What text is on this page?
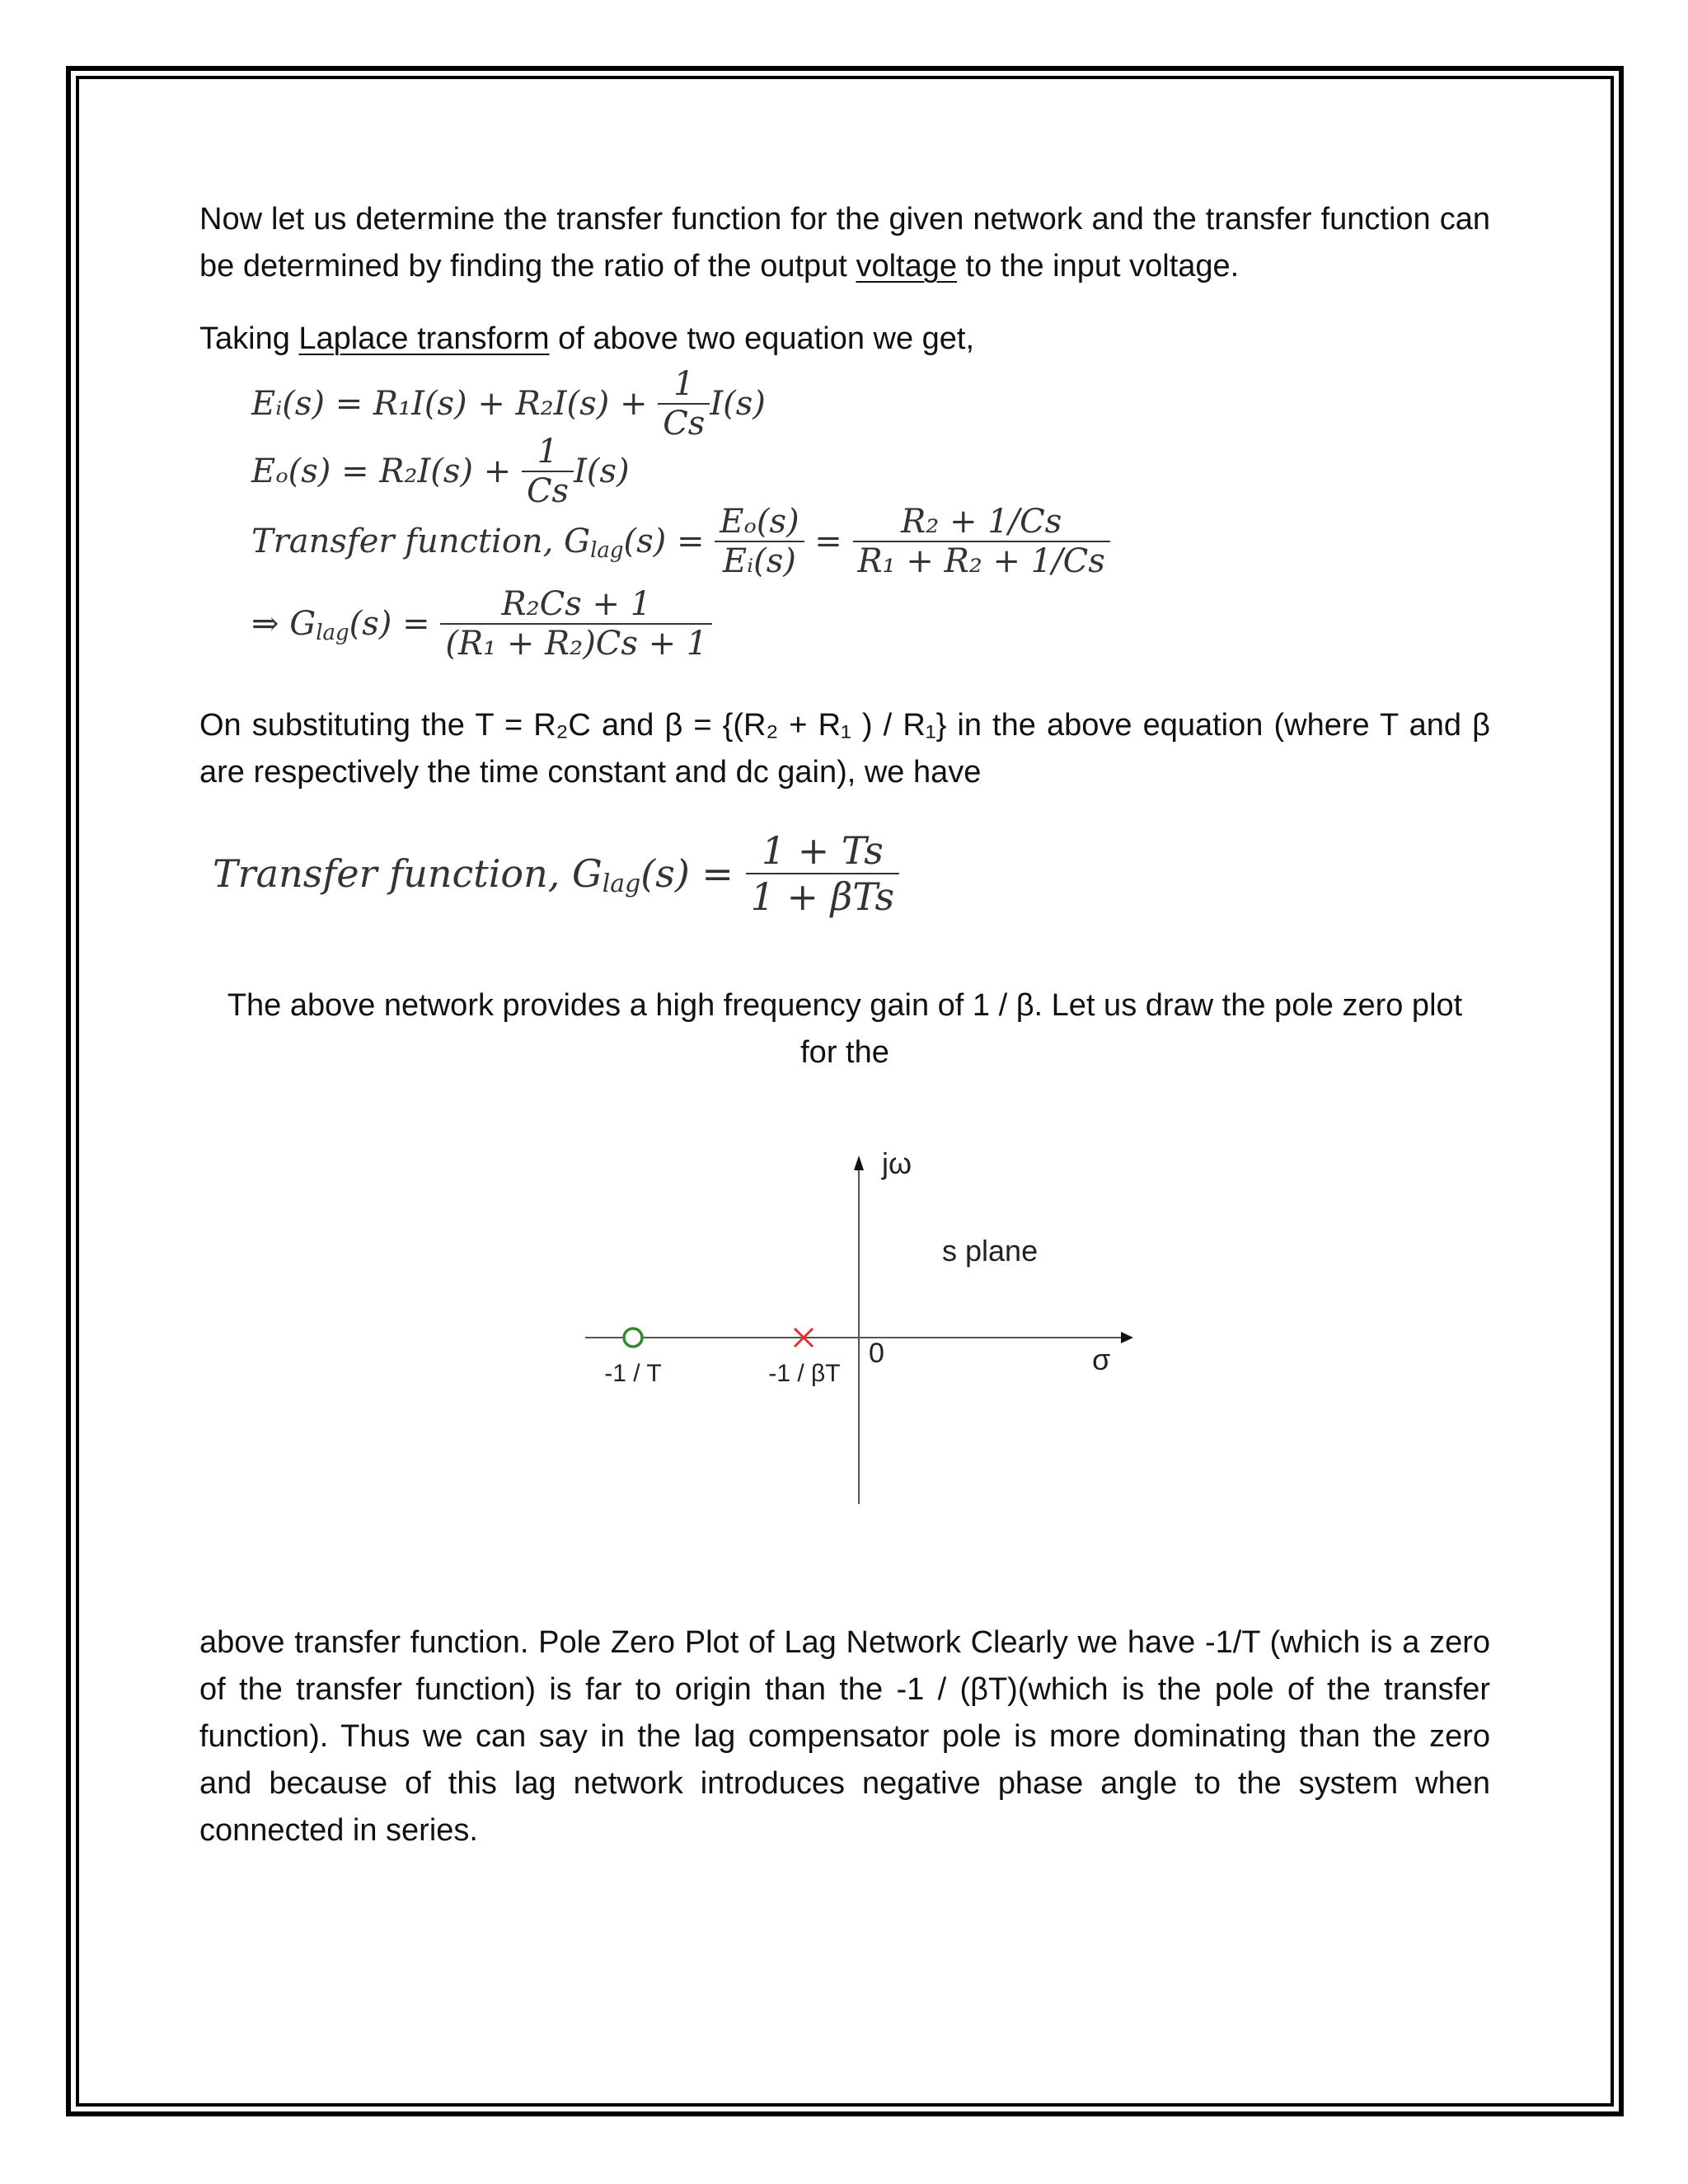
Now let us determine the transfer function for the given network and the transfer function can be determined by finding the ratio of the output voltage to the input voltage.
Taking Laplace transform of above two equation we get,
Eᵢ(s) = $R_1I(s) + R_2I(s) + \frac{1}{Cs} I(s)$
$E_o(s) = R_2I(s) + \frac{1}{Cs} I(s)$
Transfer function, $G_{lag}(s) = \frac{\text{Eₒ(s)}}{\text{Eᵢ(s)}} = \frac{\text{R₂ + 1/Cs}}{\text{R₁ + R₂ + 1/Cs}}$
⇒ $G_{lag}(s) = \frac{\text{R₂Cs + 1}}{\text{(R₁ + R₂)Cs + 1}}$
On substituting the T = R₂C and β = {(R₂ + R₁ ) / R₁} in the above equation (where T and β are respectively the time constant and dc gain), we have
Transfer function, $G_{lag}(s) = \frac{1 + Ts}{\text{1 + βTs}}$
The above network provides a high frequency gain of 1 / β. Let us draw the pole zero plot for the
jω
s plane
0	σ
-1 / T	-1 / βT
above transfer function. Pole Zero Plot of Lag Network Clearly we have -1/T (which is a zero of the transfer function) is far to origin than the -1 / (βT)(which is the pole of the transfer function). Thus we can say in the lag compensator pole is more dominating than the zero and because of this lag network introduces negative phase angle to the system when connected in series.
